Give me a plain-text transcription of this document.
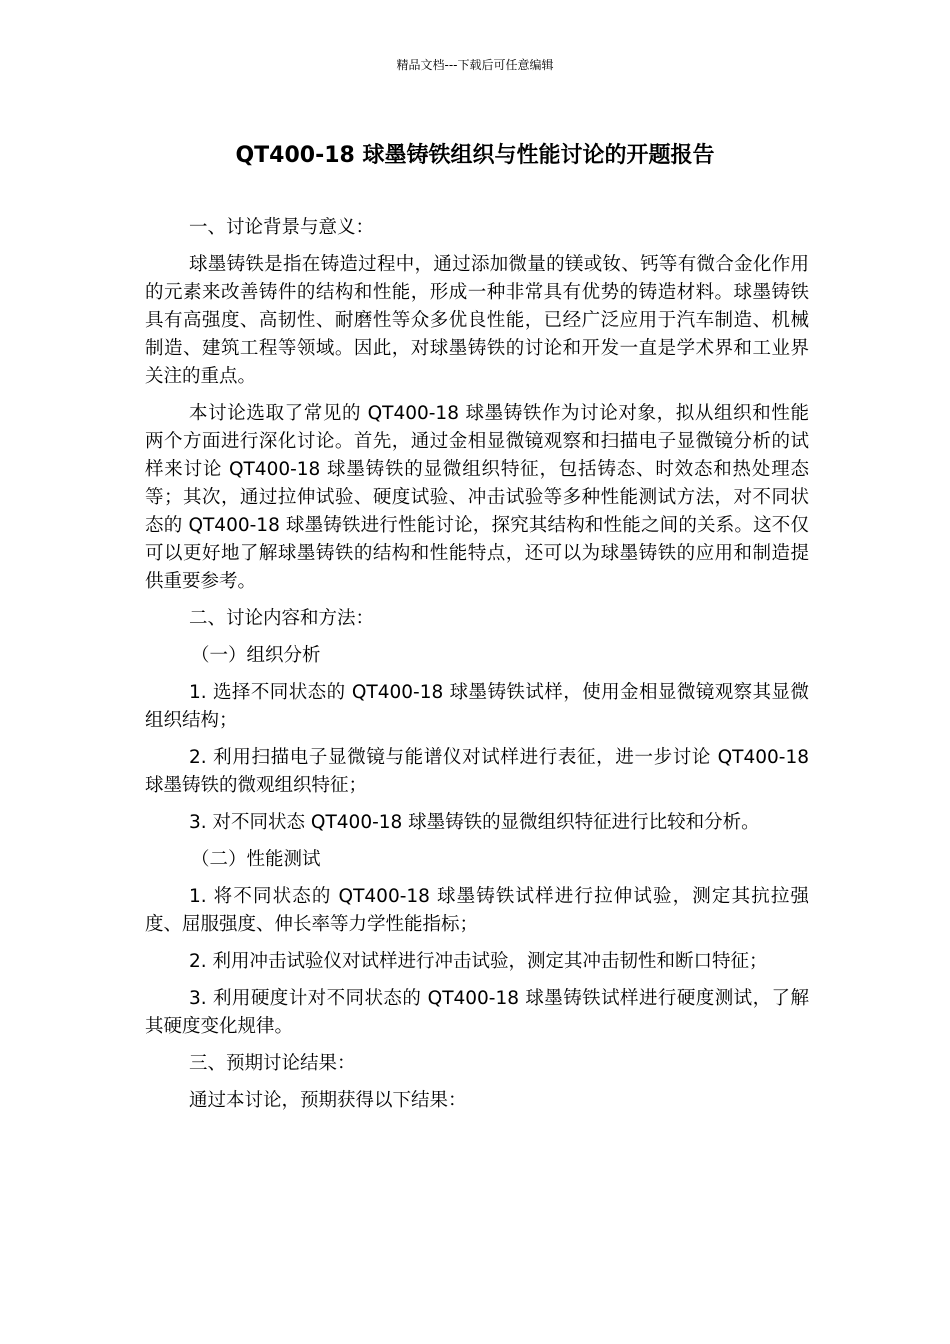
精品文档---下载后可任意编辑
QT400-18 球墨铸铁组织与性能讨论的开题报告

一、讨论背景与意义：

球墨铸铁是指在铸造过程中，通过添加微量的镁或钕、钙等有微合金化作用的元素来改善铸件的结构和性能，形成一种非常具有优势的铸造材料。球墨铸铁具有高强度、高韧性、耐磨性等众多优良性能，已经广泛应用于汽车制造、机械制造、建筑工程等领域。因此，对球墨铸铁的讨论和开发一直是学术界和工业界关注的重点。

本讨论选取了常见的 QT400-18 球墨铸铁作为讨论对象，拟从组织和性能两个方面进行深化讨论。首先，通过金相显微镜观察和扫描电子显微镜分析的试样来讨论 QT400-18 球墨铸铁的显微组织特征，包括铸态、时效态和热处理态等；其次，通过拉伸试验、硬度试验、冲击试验等多种性能测试方法，对不同状态的 QT400-18 球墨铸铁进行性能讨论，探究其结构和性能之间的关系。这不仅可以更好地了解球墨铸铁的结构和性能特点，还可以为球墨铸铁的应用和制造提供重要参考。

二、讨论内容和方法：

（一）组织分析

1. 选择不同状态的 QT400-18 球墨铸铁试样，使用金相显微镜观察其显微组织结构；

2. 利用扫描电子显微镜与能谱仪对试样进行表征，进一步讨论 QT400-18 球墨铸铁的微观组织特征；

3. 对不同状态 QT400-18 球墨铸铁的显微组织特征进行比较和分析。

（二）性能测试

1. 将不同状态的 QT400-18 球墨铸铁试样进行拉伸试验，测定其抗拉强度、屈服强度、伸长率等力学性能指标；

2. 利用冲击试验仪对试样进行冲击试验，测定其冲击韧性和断口特征；

3. 利用硬度计对不同状态的 QT400-18 球墨铸铁试样进行硬度测试，了解其硬度变化规律。

三、预期讨论结果：

通过本讨论，预期获得以下结果：
